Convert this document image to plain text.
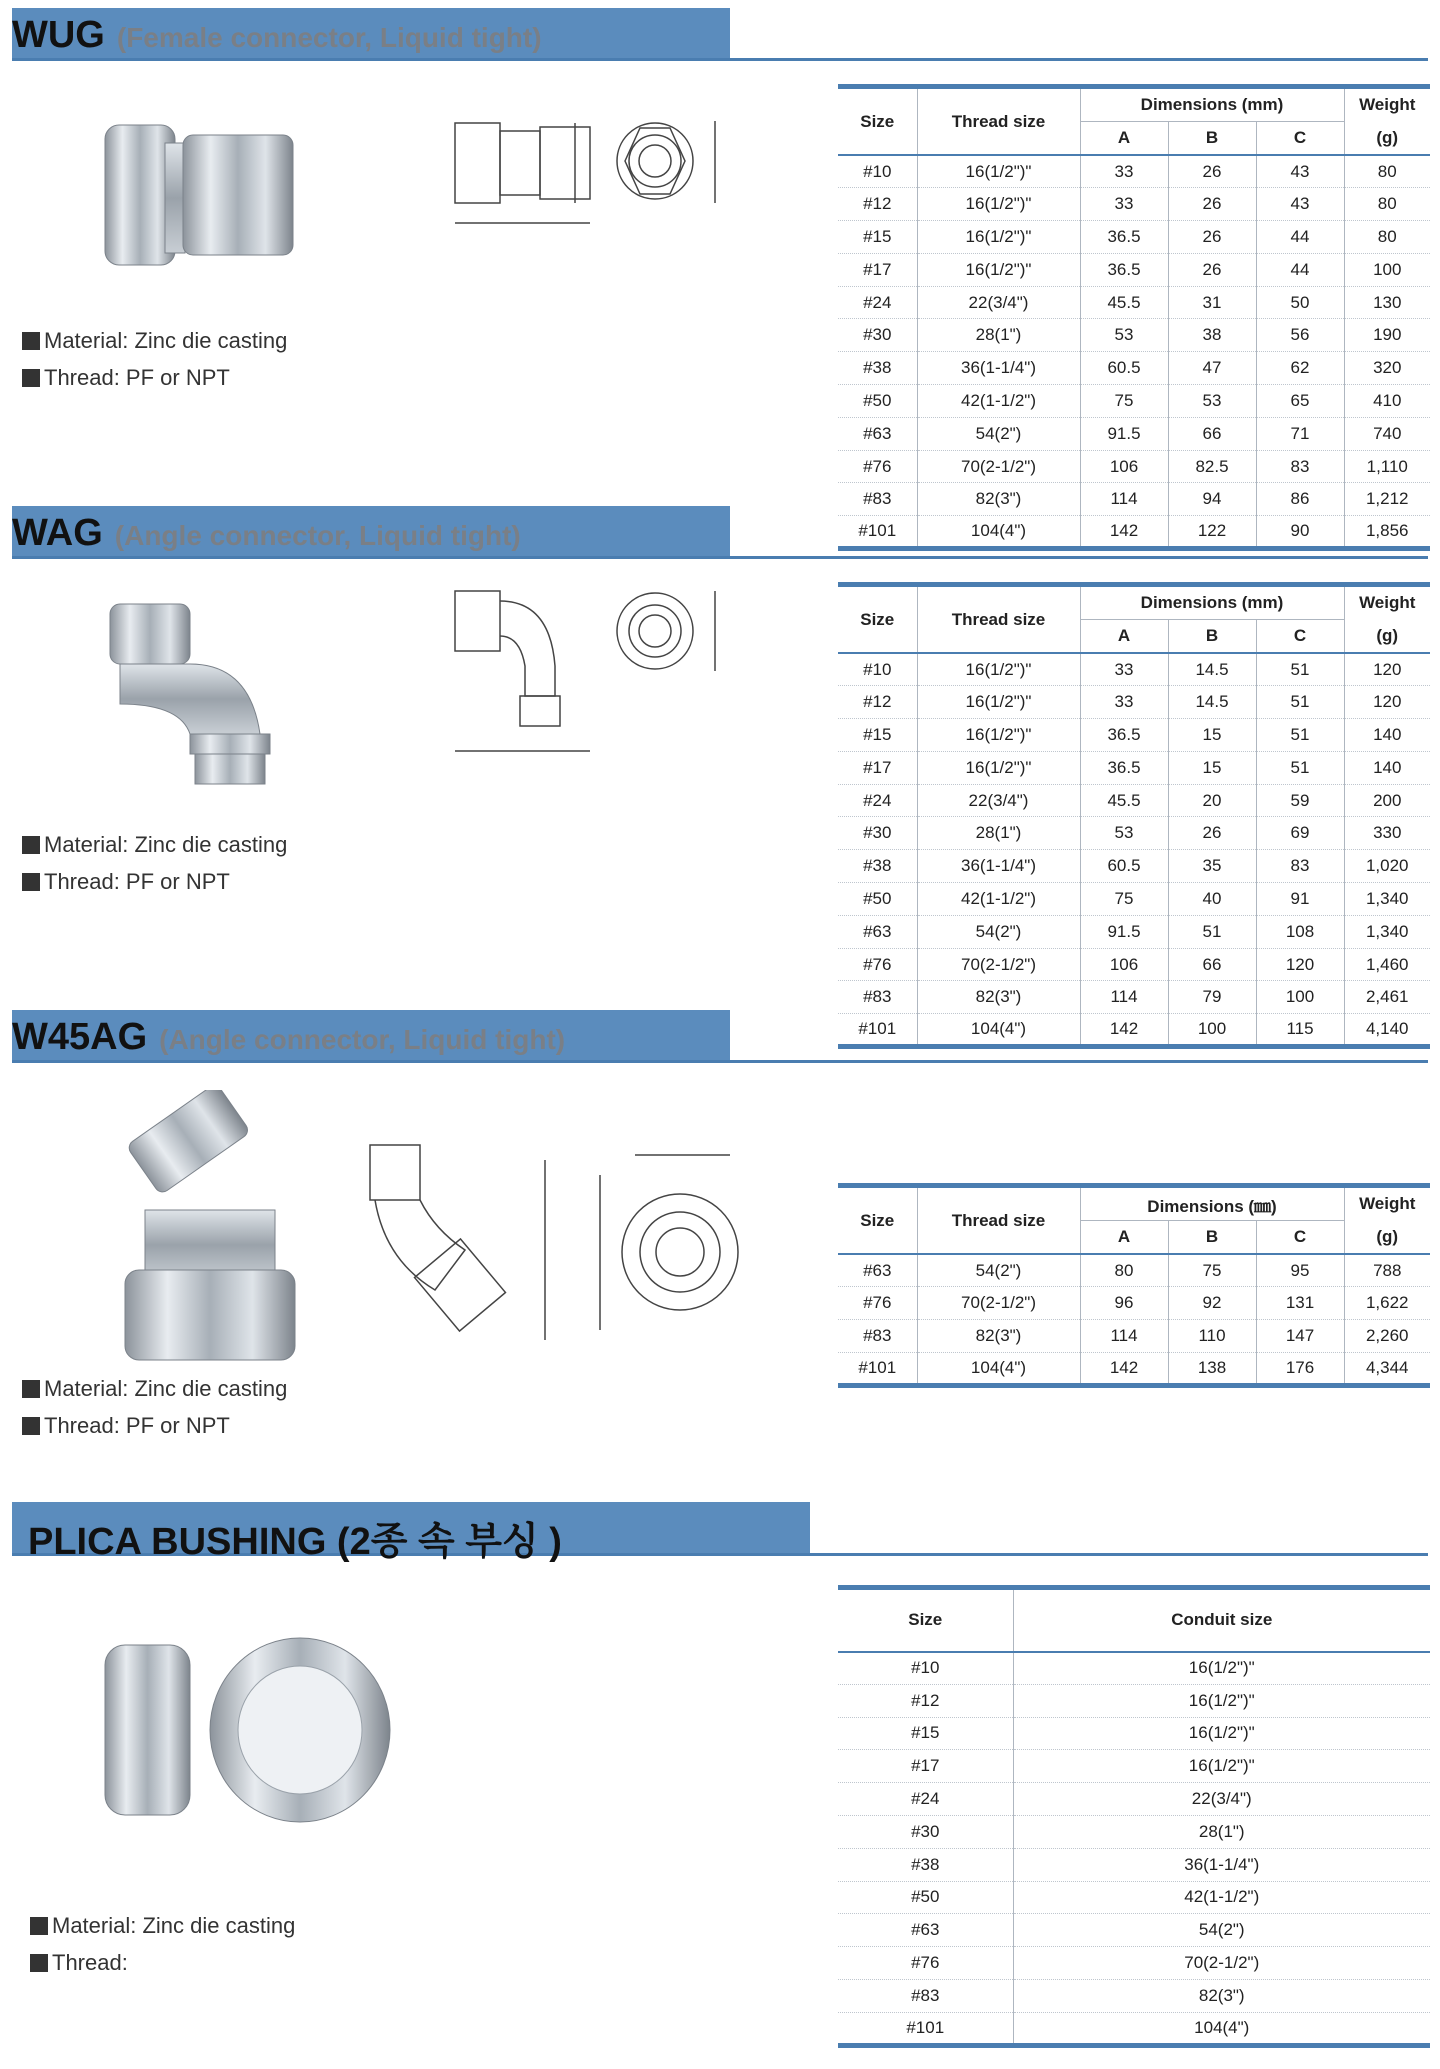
WUG (Female connector, Liquid tight)
Material: Zinc die casting
Thread: PF or NPT
Size	Thread size	Dimensions (mm)			Weight
		A	B	C	(g)
#10	16(1/2")"	33	26	43	80
#12	16(1/2")"	33	26	43	80
#15	16(1/2")"	36.5	26	44	80
#17	16(1/2")"	36.5	26	44	100
#24	22(3/4")	45.5	31	50	130
#30	28(1")	53	38	56	190
#38	36(1-1/4")	60.5	47	62	320
#50	42(1-1/2")	75	53	65	410
#63	54(2")	91.5	66	71	740
#76	70(2-1/2")	106	82.5	83	1,110
#83	82(3")	114	94	86	1,212
#101	104(4")	142	122	90	1,856
WAG (Angle connector, Liquid tight)
Material: Zinc die casting
Thread: PF or NPT
Size	Thread size	Dimensions (mm)			Weight
		A	B	C	(g)
#10	16(1/2")"	33	14.5	51	120
#12	16(1/2")"	33	14.5	51	120
#15	16(1/2")"	36.5	15	51	140
#17	16(1/2")"	36.5	15	51	140
#24	22(3/4")	45.5	20	59	200
#30	28(1")	53	26	69	330
#38	36(1-1/4")	60.5	35	83	1,020
#50	42(1-1/2")	75	40	91	1,340
#63	54(2")	91.5	51	108	1,340
#76	70(2-1/2")	106	66	120	1,460
#83	82(3")	114	79	100	2,461
#101	104(4")	142	100	115	4,140
W45AG (Angle connector, Liquid tight)
Material: Zinc die casting
Thread: PF or NPT
Size	Thread size	Dimensions (㎜)			Weight
		A	B	C	(g)
#63	54(2")	80	75	95	788
#76	70(2-1/2")	96	92	131	1,622
#83	82(3")	114	110	147	2,260
#101	104(4")	142	138	176	4,344
PLICA BUSHING (2종 속 부싱 )
Material: Zinc die casting
Thread:
Size	Conduit size
#10	16(1/2")"
#12	16(1/2")"
#15	16(1/2")"
#17	16(1/2")"
#24	22(3/4")
#30	28(1")
#38	36(1-1/4")
#50	42(1-1/2")
#63	54(2")
#76	70(2-1/2")
#83	82(3")
#101	104(4")
